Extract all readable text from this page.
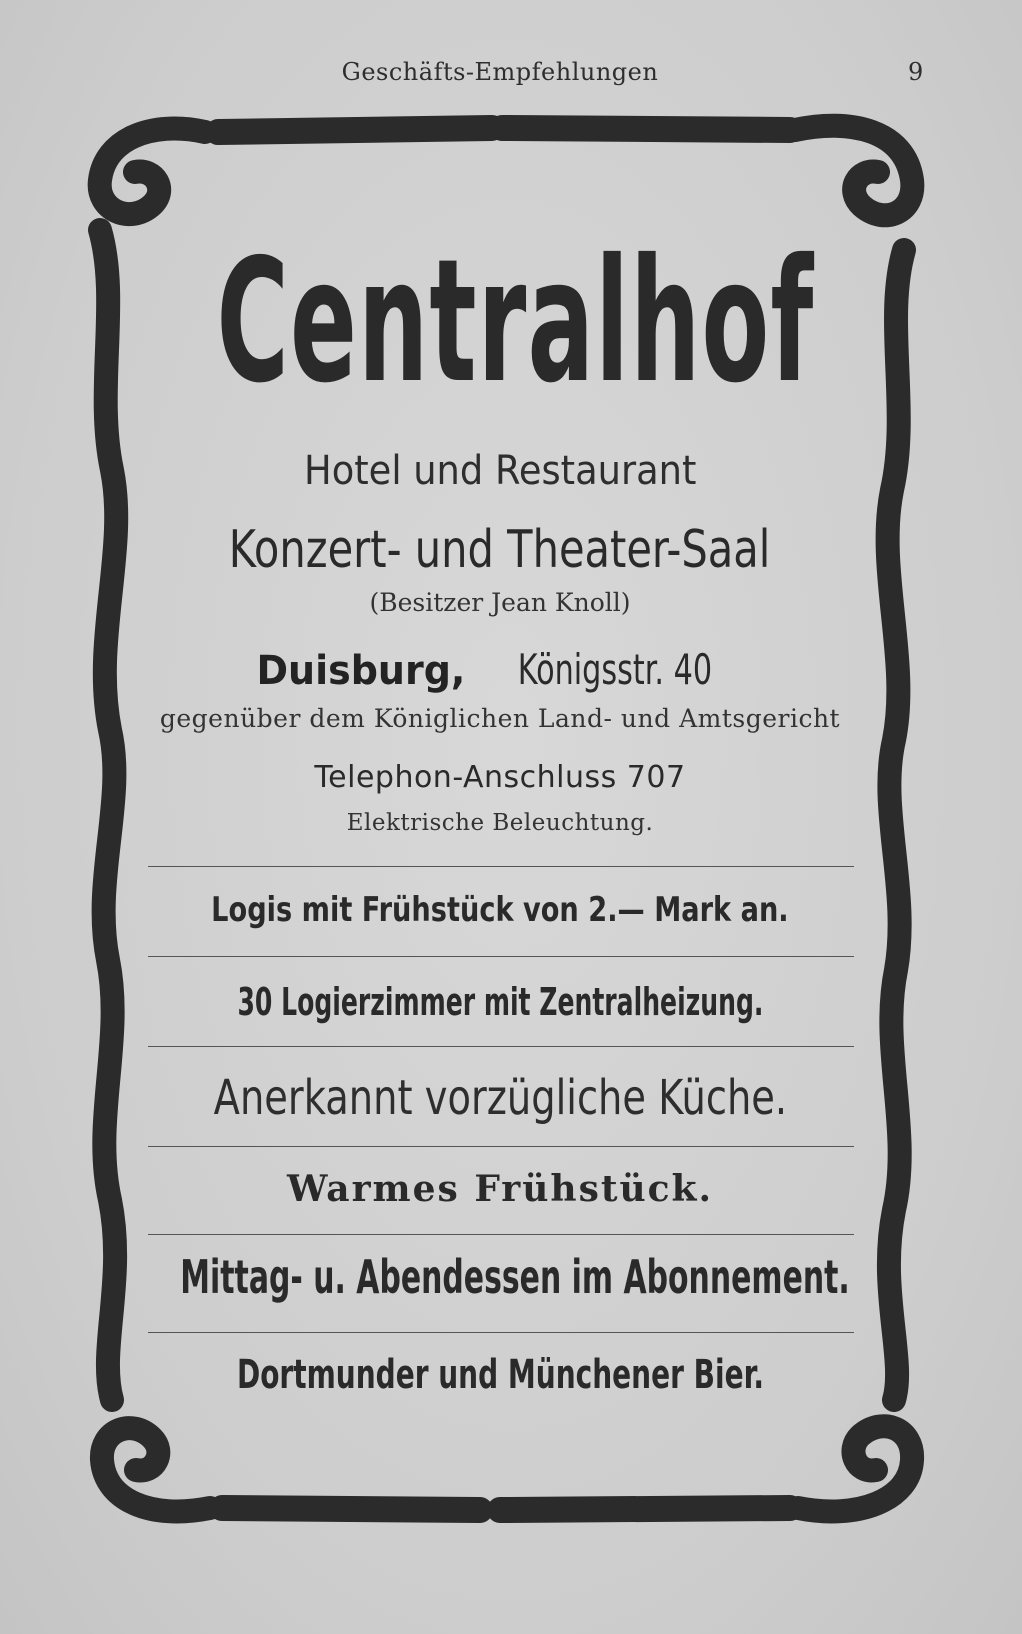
Geschäfts-Empfehlungen	9
Centralhof
Hotel und Restaurant
Konzert- und Theater-Saal
(Besitzer Jean Knoll)
Duisburg, Königsstr. 40
gegenüber dem Königlichen Land- und Amtsgericht
Telephon-Anschluss 707
Elektrische Beleuchtung.
Logis mit Frühstück von 2.— Mark an.
30 Logierzimmer mit Zentralheizung.
Anerkannt vorzügliche Küche.
Warmes Frühstück.
Mittag- u. Abendessen im Abonnement.
Dortmunder und Münchener Bier.
